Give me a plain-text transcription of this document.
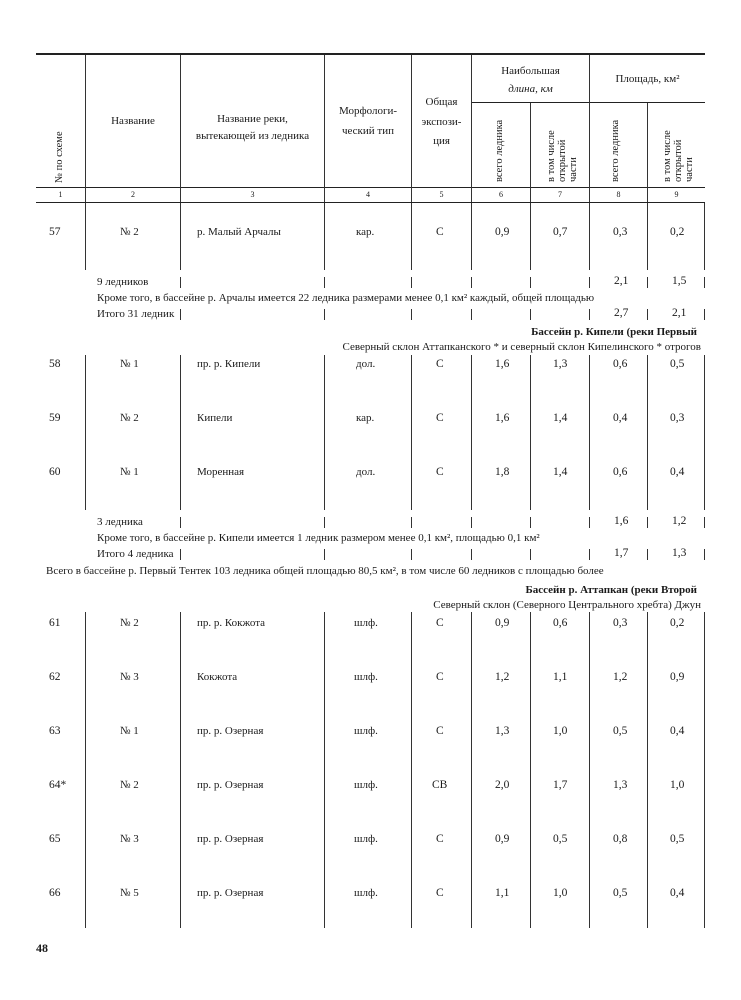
№ по схеме
Название	Название реки,
вытекающей из ледника
Морфологи-
ческий тип
Общая
экспози-
ция
Наибольшая
длина, км
Площадь, км²
всего ледника	в том числе открытой части	всего ледника	в том числе открытой части
1	2	3	4	5	6	7	8	9
57	№ 2	р. Малый Арчалы	кар.	С	0,9	0,7	0,3	0,2
9 ледников	2,1	1,5
Кроме того, в бассейне р. Арчалы имеется 22 ледника размерами менее 0,1 км² каждый, общей площадью
Итого 31 ледник	2,7	2,1
Бассейн р. Кипели (реки Первый
Северный склон Аттапканского * и северный склон Кипелинского * отрогов
58	№ 1	пр. р. Кипели	дол.	С	1,6	1,3	0,6	0,5
59	№ 2	Кипели	кар.	С	1,6	1,4	0,4	0,3
60	№ 1	Моренная	дол.	С	1,8	1,4	0,6	0,4
3 ледника	1,6	1,2
Кроме того, в бассейне р. Кипели имеется 1 ледник размером менее 0,1 км², площадью 0,1 км²
Итого 4 ледника	1,7	1,3
Всего в бассейне р. Первый Тентек 103 ледника общей площадью 80,5 км², в том числе 60 ледников с площадью более
Бассейн р. Аттапкан (реки Второй
Северный склон (Северного Центрального хребта) Джун
61	№ 2	пр. р. Кокжота	шлф.	С	0,9	0,6	0,3	0,2
62	№ 3	Кокжота	шлф.	С	1,2	1,1	1,2	0,9
63	№ 1	пр. р. Озерная	шлф.	С	1,3	1,0	0,5	0,4
64*	№ 2	пр. р. Озерная	шлф.	СВ	2,0	1,7	1,3	1,0
65	№ 3	пр. р. Озерная	шлф.	С	0,9	0,5	0,8	0,5
66	№ 5	пр. р. Озерная	шлф.	С	1,1	1,0	0,5	0,4
48
